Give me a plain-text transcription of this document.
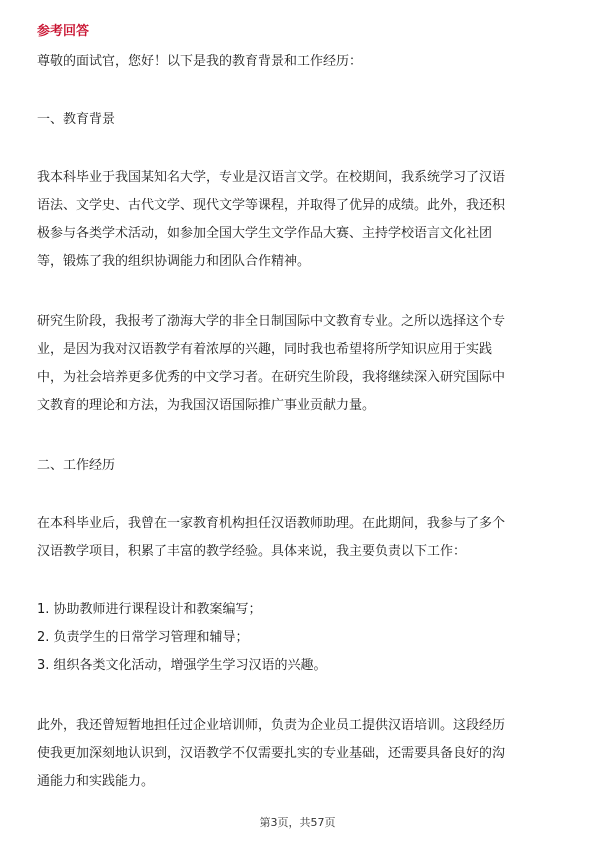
参考回答
尊敬的面试官，您好！以下是我的教育背景和工作经历：
一、教育背景
我本科毕业于我国某知名大学，专业是汉语言文学。在校期间，我系统学习了汉语
语法、文学史、古代文学、现代文学等课程，并取得了优异的成绩。此外，我还积
极参与各类学术活动，如参加全国大学生文学作品大赛、主持学校语言文化社团
等，锻炼了我的组织协调能力和团队合作精神。
研究生阶段，我报考了渤海大学的非全日制国际中文教育专业。之所以选择这个专
业，是因为我对汉语教学有着浓厚的兴趣，同时我也希望将所学知识应用于实践
中，为社会培养更多优秀的中文学习者。在研究生阶段，我将继续深入研究国际中
文教育的理论和方法，为我国汉语国际推广事业贡献力量。
二、工作经历
在本科毕业后，我曾在一家教育机构担任汉语教师助理。在此期间，我参与了多个
汉语教学项目，积累了丰富的教学经验。具体来说，我主要负责以下工作：
1. 协助教师进行课程设计和教案编写；
2. 负责学生的日常学习管理和辅导；
3. 组织各类文化活动，增强学生学习汉语的兴趣。
此外，我还曾短暂地担任过企业培训师，负责为企业员工提供汉语培训。这段经历
使我更加深刻地认识到，汉语教学不仅需要扎实的专业基础，还需要具备良好的沟
通能力和实践能力。
第3页，共57页
